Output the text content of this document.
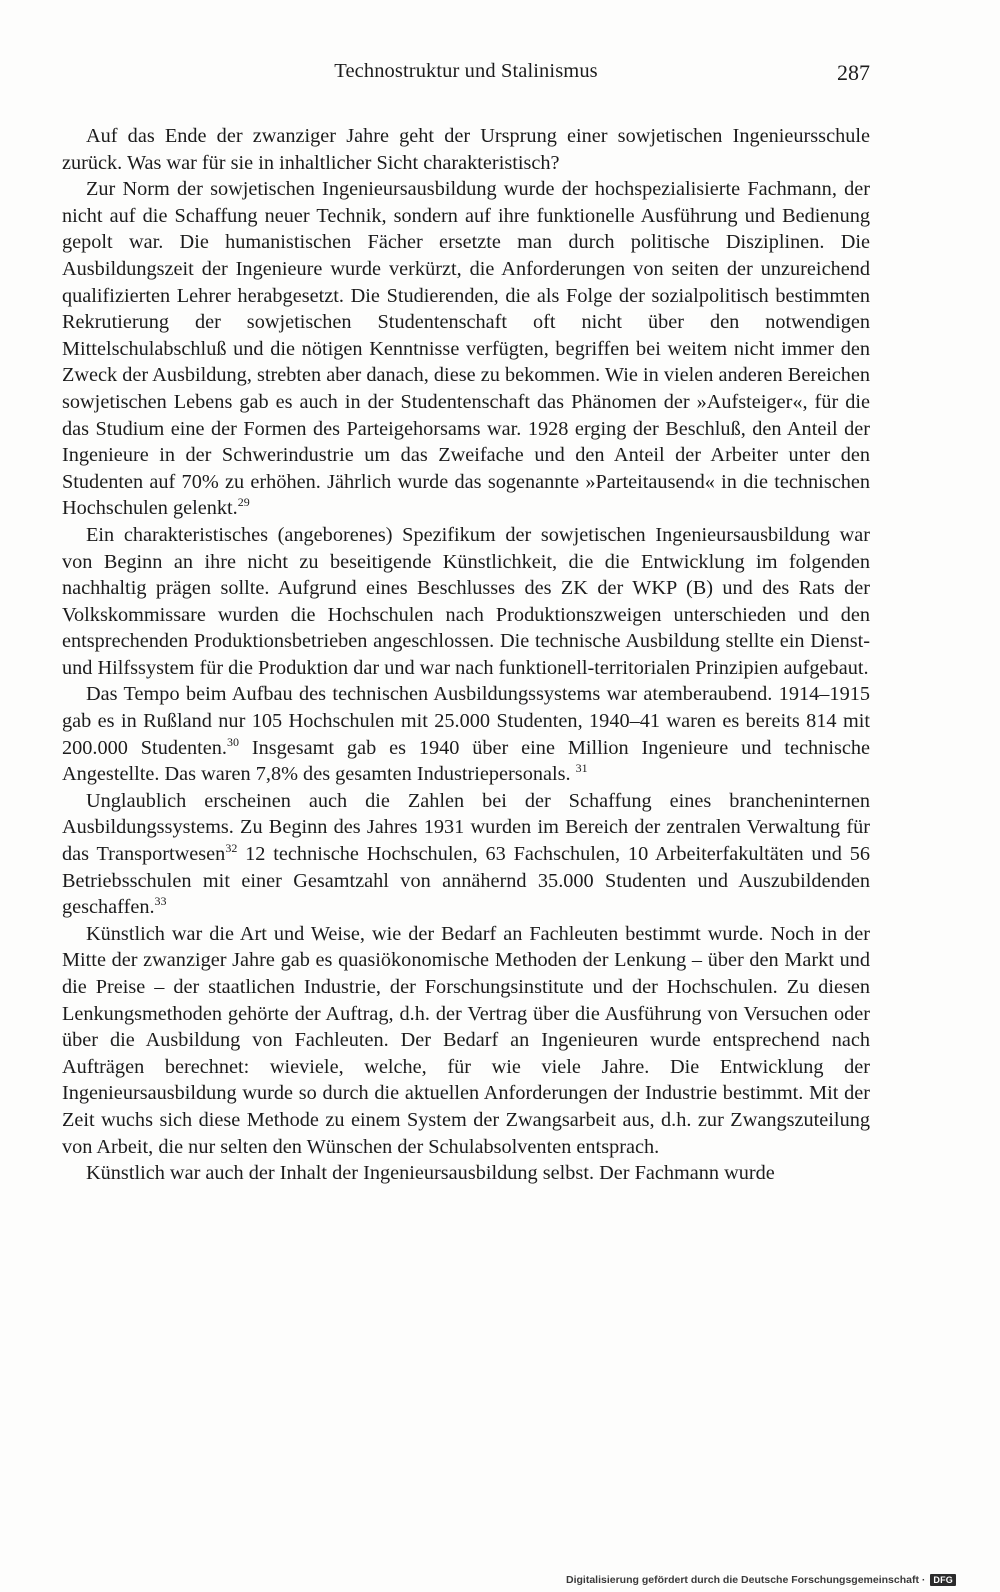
Technostruktur und Stalinismus	287

Auf das Ende der zwanziger Jahre geht der Ursprung einer sowjetischen Ingenieursschule zurück. Was war für sie in inhaltlicher Sicht charakteristisch?

Zur Norm der sowjetischen Ingenieursausbildung wurde der hochspezialisierte Fachmann, der nicht auf die Schaffung neuer Technik, sondern auf ihre funktionelle Ausführung und Bedienung gepolt war. Die humanistischen Fächer ersetzte man durch politische Disziplinen. Die Ausbildungszeit der Ingenieure wurde verkürzt, die Anforderungen von seiten der unzureichend qualifizierten Lehrer herabgesetzt. Die Studierenden, die als Folge der sozialpolitisch bestimmten Rekrutierung der sowjetischen Studentenschaft oft nicht über den notwendigen Mittelschulabschluß und die nötigen Kenntnisse verfügten, begriffen bei weitem nicht immer den Zweck der Ausbildung, strebten aber danach, diese zu bekommen. Wie in vielen anderen Bereichen sowjetischen Lebens gab es auch in der Studentenschaft das Phänomen der »Aufsteiger«, für die das Studium eine der Formen des Parteigehorsams war. 1928 erging der Beschluß, den Anteil der Ingenieure in der Schwerindustrie um das Zweifache und den Anteil der Arbeiter unter den Studenten auf 70% zu erhöhen. Jährlich wurde das sogenannte »Parteitausend« in die technischen Hochschulen gelenkt.$^{29}$

Ein charakteristisches (angeborenes) Spezifikum der sowjetischen Ingenieursausbildung war von Beginn an ihre nicht zu beseitigende Künstlichkeit, die die Entwicklung im folgenden nachhaltig prägen sollte. Aufgrund eines Beschlusses des ZK der WKP (B) und des Rats der Volkskommissare wurden die Hochschulen nach Produktionszweigen unterschieden und den entsprechenden Produktionsbetrieben angeschlossen. Die technische Ausbildung stellte ein Dienst- und Hilfssystem für die Produktion dar und war nach funktionell-territorialen Prinzipien aufgebaut.

Das Tempo beim Aufbau des technischen Ausbildungssystems war atemberaubend. 1914–1915 gab es in Rußland nur 105 Hochschulen mit 25.000 Studenten, 1940–41 waren es bereits 814 mit 200.000 Studenten.$^{30}$ Insgesamt gab es 1940 über eine Million Ingenieure und technische Angestellte. Das waren 7,8% des gesamten Industriepersonals. $^{31}$

Unglaublich erscheinen auch die Zahlen bei der Schaffung eines brancheninternen Ausbildungssystems. Zu Beginn des Jahres 1931 wurden im Bereich der zentralen Verwaltung für das Transportwesen$^{32}$ 12 technische Hochschulen, 63 Fachschulen, 10 Arbeiterfakultäten und 56 Betriebsschulen mit einer Gesamtzahl von annähernd 35.000 Studenten und Auszubildenden geschaffen.$^{33}$

Künstlich war die Art und Weise, wie der Bedarf an Fachleuten bestimmt wurde. Noch in der Mitte der zwanziger Jahre gab es quasiökonomische Methoden der Lenkung – über den Markt und die Preise – der staatlichen Industrie, der Forschungsinstitute und der Hochschulen. Zu diesen Lenkungsmethoden gehörte der Auftrag, d.h. der Vertrag über die Ausführung von Versuchen oder über die Ausbildung von Fachleuten. Der Bedarf an Ingenieuren wurde entsprechend nach Aufträgen berechnet: wieviele, welche, für wie viele Jahre. Die Entwicklung der Ingenieursausbildung wurde so durch die aktuellen Anforderungen der Industrie bestimmt. Mit der Zeit wuchs sich diese Methode zu einem System der Zwangsarbeit aus, d.h. zur Zwangszuteilung von Arbeit, die nur selten den Wünschen der Schulabsolventen entsprach.

Künstlich war auch der Inhalt der Ingenieursausbildung selbst. Der Fachmann wurde

Digitalisierung gefördert durch die Deutsche Forschungsgemeinschaft · DFG
